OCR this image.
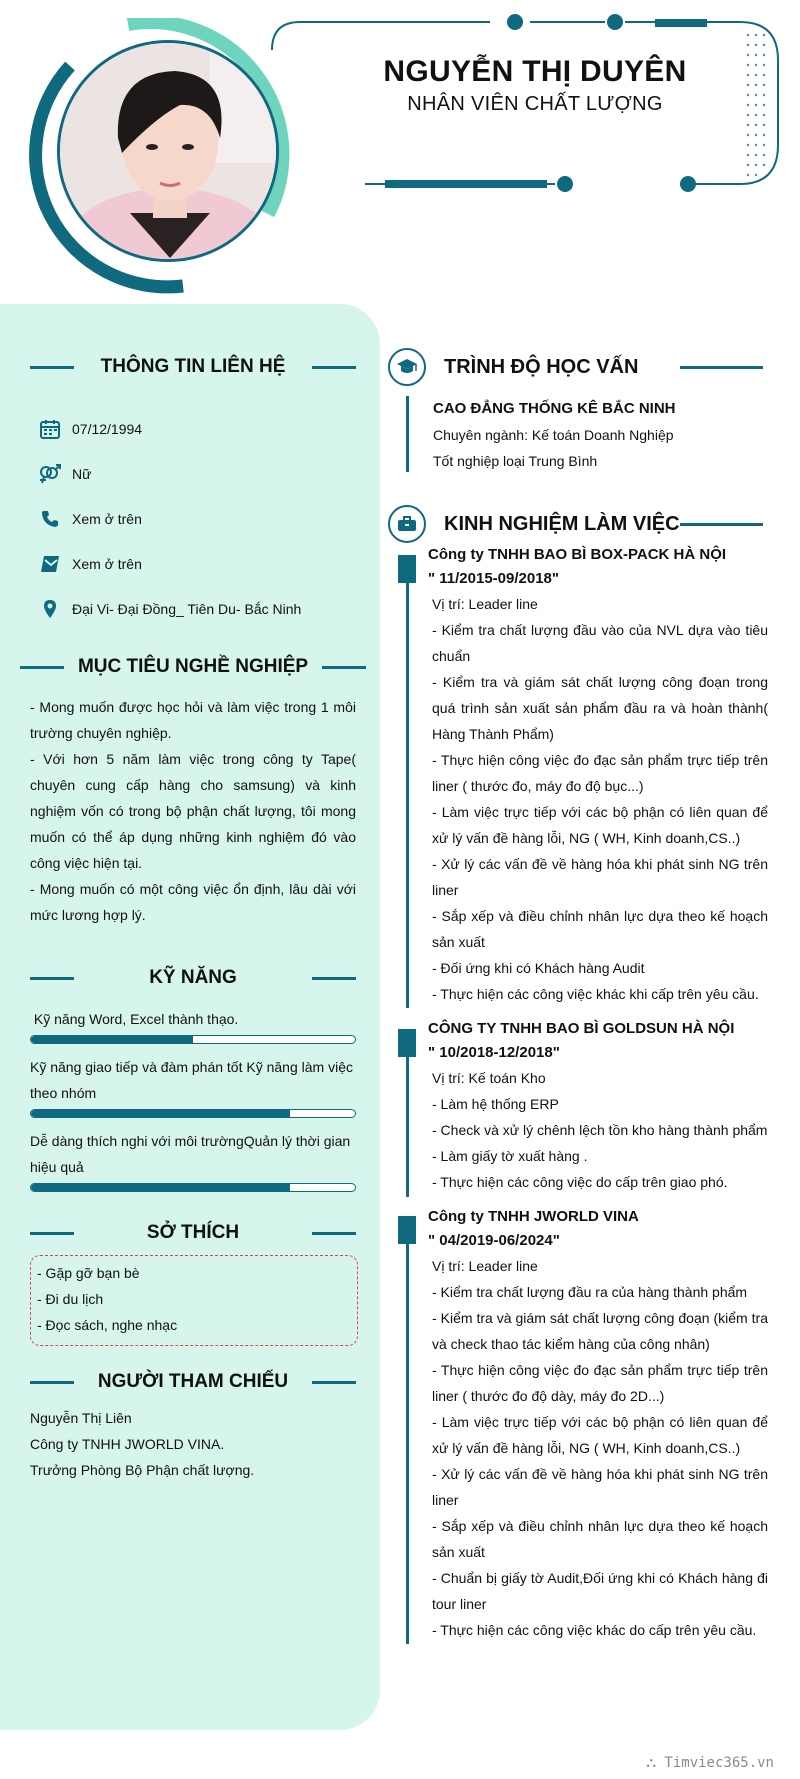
NGUYỄN THỊ DUYÊN
NHÂN VIÊN CHẤT LƯỢNG
THÔNG TIN LIÊN HỆ
07/12/1994
Nữ
Xem ở trên
Xem ở trên
Đại Vi- Đại Đồng_ Tiên Du- Bắc Ninh
MỤC TIÊU NGHỀ NGHIỆP
- Mong muốn được học hỏi và làm việc trong 1 môi trường chuyên nghiệp.
- Với hơn 5 năm làm việc trong công ty Tape( chuyên cung cấp hàng cho samsung) và kinh nghiệm vốn có trong bộ phận chất lượng, tôi mong muốn có thể áp dụng những kinh nghiệm đó vào công việc hiện tại.
- Mong muốn có một công việc ổn định, lâu dài với mức lương hợp lý.
KỸ NĂNG
Kỹ năng Word, Excel thành thạo.
Kỹ năng giao tiếp và đàm phán tốt Kỹ năng làm việc theo nhóm
Dễ dàng thích nghi với môi trườngQuản lý thời gian hiệu quả
SỞ THÍCH
- Gặp gỡ bạn bè
- Đi du lịch
- Đọc sách, nghe nhạc
NGƯỜI THAM CHIẾU
Nguyễn Thị Liên
Công ty TNHH JWORLD VINA.
Trưởng Phòng Bộ Phận chất lượng.
TRÌNH ĐỘ HỌC VẤN
CAO ĐẲNG THỐNG KÊ BẮC NINH
Chuyên ngành: Kế toán Doanh Nghiệp
Tốt nghiệp loại Trung Bình
KINH NGHIỆM LÀM VIỆC
Công ty TNHH BAO BÌ BOX-PACK HÀ NỘI
" 11/2015-09/2018"
Vị trí: Leader line
- Kiểm tra chất lượng đầu vào của NVL dựa vào tiêu chuẩn
- Kiểm tra và giám sát chất lượng công đoạn trong quá trình sản xuất sản phẩm đầu ra và hoàn thành( Hàng Thành Phẩm)
- Thực hiện công việc đo đạc sản phẩm trực tiếp trên liner ( thước đo, máy đo độ bục...)
- Làm việc trực tiếp với các bộ phận có liên quan để xử lý vấn đề hàng lỗi, NG ( WH, Kinh doanh,CS..)
- Xử lý các vấn đề về hàng hóa khi phát sinh NG trên liner
- Sắp xếp và điều chỉnh nhân lực dựa theo kế hoạch sản xuất
- Đối ứng khi có Khách hàng Audit
- Thực hiện các công việc khác khi cấp trên yêu cầu.
CÔNG TY TNHH BAO BÌ GOLDSUN HÀ NỘI
" 10/2018-12/2018"
Vị trí: Kế toán Kho
- Làm hệ thống ERP
- Check và xử lý chênh lệch tồn kho hàng thành phẩm
- Làm giấy tờ xuất hàng .
- Thực hiện các công việc do cấp trên giao phó.
Công ty TNHH JWORLD VINA
" 04/2019-06/2024"
Vị trí: Leader line
- Kiểm tra chất lượng đầu ra của hàng thành phẩm
- Kiểm tra và giám sát chất lượng công đoạn (kiểm tra và check thao tác kiểm hàng của công nhân)
- Thực hiện công việc đo đạc sản phẩm trực tiếp trên liner ( thước đo độ dày, máy đo 2D...)
- Làm việc trực tiếp với các bộ phận có liên quan để xử lý vấn đề hàng lỗi, NG ( WH, Kinh doanh,CS..)
- Xử lý các vấn đề về hàng hóa khi phát sinh NG trên liner
- Sắp xếp và điều chỉnh nhân lực dựa theo kế hoạch sản xuất
- Chuẩn bị giấy tờ Audit,Đối ứng khi có Khách hàng đi tour liner
- Thực hiện các công việc khác do cấp trên yêu cầu.
⛬ Timviec365.vn
